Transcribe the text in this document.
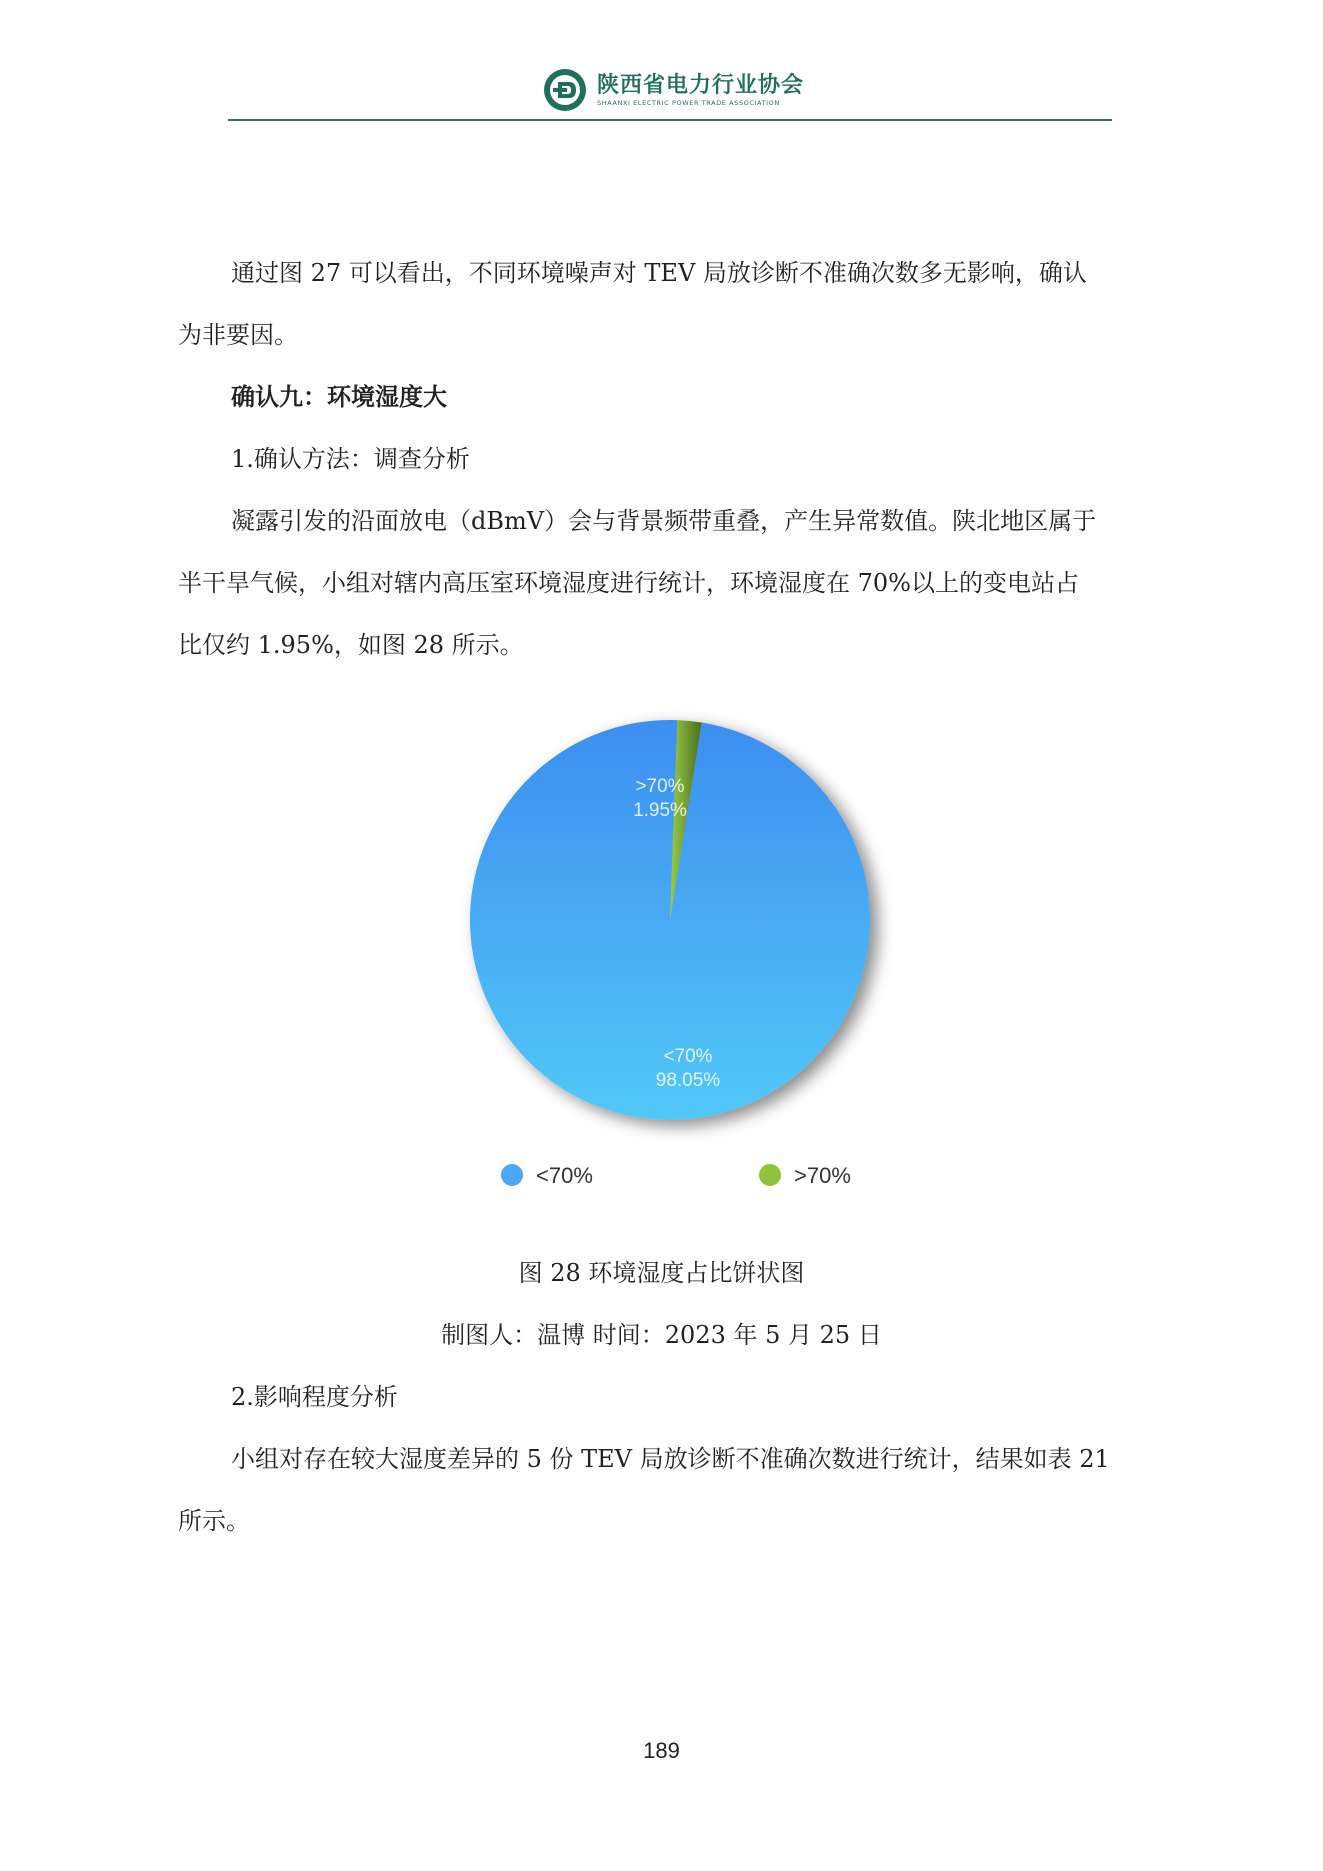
陕西省电力行业协会
SHAANXI ELECTRIC POWER TRADE ASSOCIATION
通过图 27 可以看出，不同环境噪声对 TEV 局放诊断不准确次数多无影响，确认
为非要因。
确认九：环境湿度大
1.确认方法：调查分析
凝露引发的沿面放电（dBmV）会与背景频带重叠，产生异常数值。陕北地区属于
半干旱气候，小组对辖内高压室环境湿度进行统计，环境湿度在 70%以上的变电站占
比仅约 1.95%，如图 28 所示。
<70%
98.05%
>70%
1.95%
<70%	>70%
图 28 环境湿度占比饼状图
制图人：温博 时间：2023 年 5 月 25 日
2.影响程度分析
小组对存在较大湿度差异的 5 份 TEV 局放诊断不准确次数进行统计，结果如表 21
所示。
189
